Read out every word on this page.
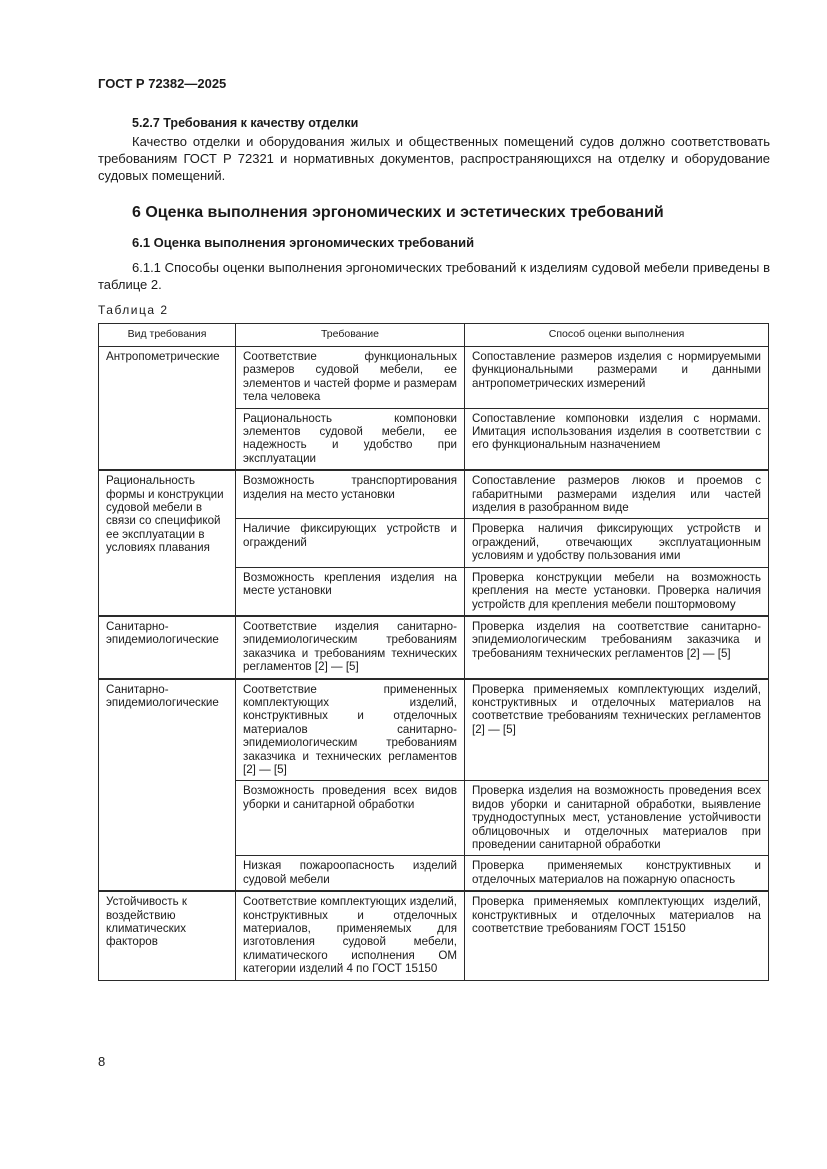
ГОСТ Р 72382—2025
5.2.7 Требования к качеству отделки
Качество отделки и оборудования жилых и общественных помещений судов должно соответствовать требованиям ГОСТ Р 72321 и нормативных документов, распространяющихся на отделку и оборудование судовых помещений.
6 Оценка выполнения эргономических и эстетических требований
6.1 Оценка выполнения эргономических требований
6.1.1 Способы оценки выполнения эргономических требований к изделиям судовой мебели приведены в таблице 2.
Таблица 2
Вид требования	Требование	Способ оценки выполнения
Антропометрические	Соответствие функциональных размеров судовой мебели, ее элементов и частей форме и размерам тела человека	Сопоставление размеров изделия с нормируемыми функциональными размерами и данными антропометрических измерений
	Рациональность компоновки элементов судовой мебели, ее надежность и удобство при эксплуатации	Сопоставление компоновки изделия с нормами. Имитация использования изделия в соответствии с его функциональным назначением
Рациональность формы и конструкции судовой мебели в связи со спецификой ее эксплуатации в условиях плавания	Возможность транспортирования изделия на место установки	Сопоставление размеров люков и проемов с габаритными размерами изделия или частей изделия в разобранном виде
	Наличие фиксирующих устройств и ограждений	Проверка наличия фиксирующих устройств и ограждений, отвечающих эксплуатационным условиям и удобству пользования ими
	Возможность крепления изделия на месте установки	Проверка конструкции мебели на возможность крепления на месте установки. Проверка наличия устройств для крепления мебели поштормовому
Санитарно-эпидемиологические	Соответствие изделия санитарно-эпидемиологическим требованиям заказчика и требованиям технических регламентов [2] — [5]	Проверка изделия на соответствие санитарно-эпидемиологическим требованиям заказчика и требованиям технических регламентов [2] — [5]
Санитарно-эпидемиологические	Соответствие примененных комплектующих изделий, конструктивных и отделочных материалов санитарно-эпидемиологическим требованиям заказчика и технических регламентов [2] — [5]	Проверка применяемых комплектующих изделий, конструктивных и отделочных материалов на соответствие требованиям технических регламентов [2] — [5]
	Возможность проведения всех видов уборки и санитарной обработки	Проверка изделия на возможность проведения всех видов уборки и санитарной обработки, выявление труднодоступных мест, установление устойчивости облицовочных и отделочных материалов при проведении санитарной обработки
	Низкая пожароопасность изделий судовой мебели	Проверка применяемых конструктивных и отделочных материалов на пожарную опасность
Устойчивость к воздействию климатических факторов	Соответствие комплектующих изделий, конструктивных и отделочных материалов, применяемых для изготовления судовой мебели, климатического исполнения ОМ категории изделий 4 по ГОСТ 15150	Проверка применяемых комплектующих изделий, конструктивных и отделочных материалов на соответствие требованиям ГОСТ 15150
8
